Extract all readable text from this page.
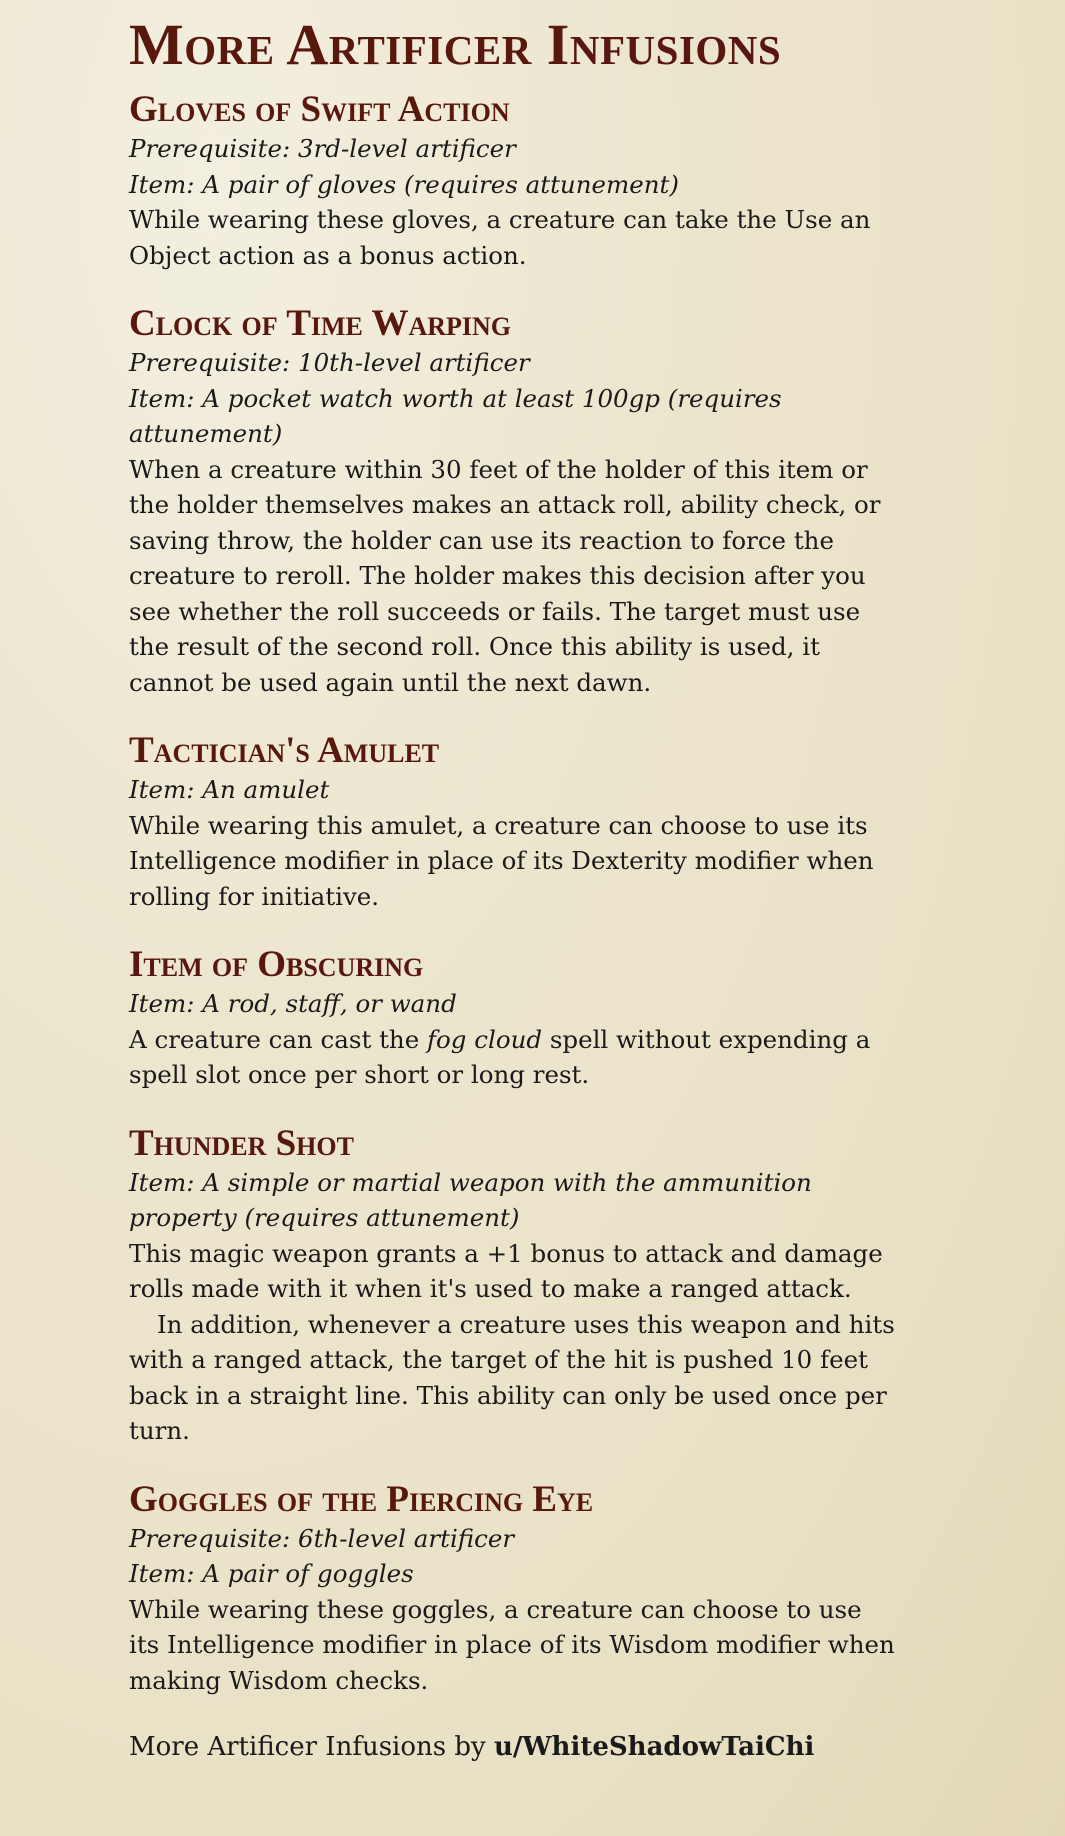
More Artificer Infusions
Gloves of Swift Action

Prerequisite: 3rd-level artificer

Item: A pair of gloves (requires attunement)

While wearing these gloves, a creature can take the Use an Object action as a bonus action.

Clock of Time Warping

Prerequisite: 10th-level artificer

Item: A pocket watch worth at least 100gp (requires attunement)

When a creature within 30 feet of the holder of this item or the holder themselves makes an attack roll, ability check, or saving throw, the holder can use its reaction to force the creature to reroll. The holder makes this decision after you see whether the roll succeeds or fails. The target must use the result of the second roll. Once this ability is used, it cannot be used again until the next dawn.

Tactician's Amulet

Item: An amulet

While wearing this amulet, a creature can choose to use its Intelligence modifier in place of its Dexterity modifier when rolling for initiative.

Item of Obscuring

Item: A rod, staff, or wand

A creature can cast the fog cloud spell without expending a spell slot once per short or long rest.

Thunder Shot

Item: A simple or martial weapon with the ammunition property (requires attunement)

This magic weapon grants a +1 bonus to attack and damage rolls made with it when it's used to make a ranged attack.

In addition, whenever a creature uses this weapon and hits with a ranged attack, the target of the hit is pushed 10 feet back in a straight line. This ability can only be used once per turn.

Goggles of the Piercing Eye

Prerequisite: 6th-level artificer

Item: A pair of goggles

While wearing these goggles, a creature can choose to use its Intelligence modifier in place of its Wisdom modifier when making Wisdom checks.

More Artificer Infusions by u/WhiteShadowTaiChi
